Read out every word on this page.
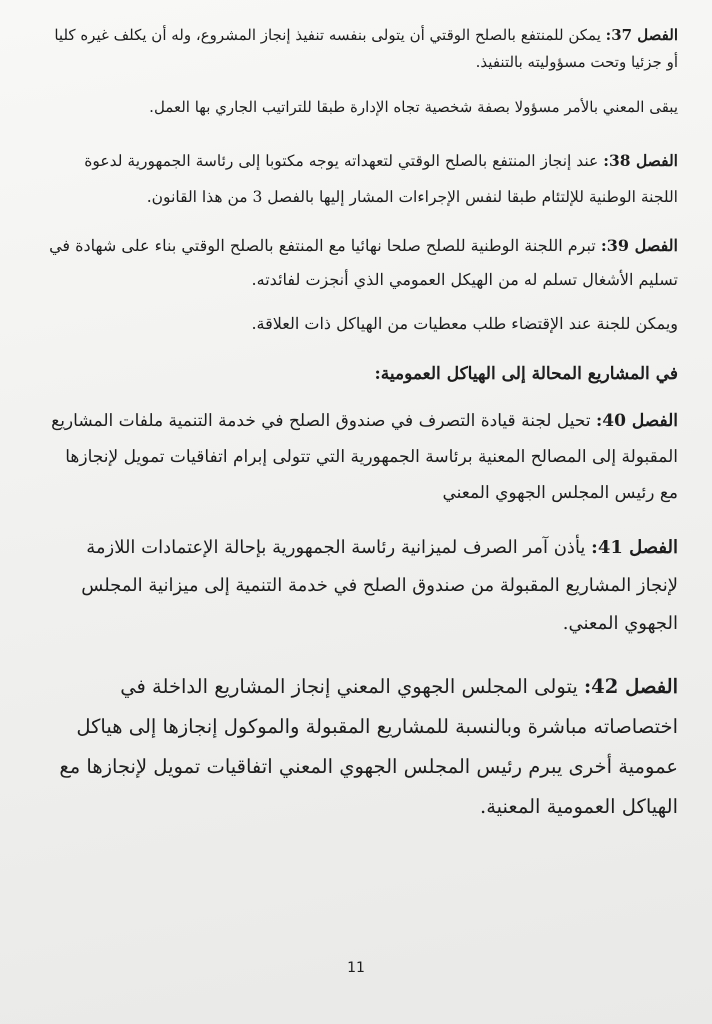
الفصل 37: يمكن للمنتفع بالصلح الوقتي أن يتولى بنفسه تنفيذ إنجاز المشروع، وله أن يكلف غيره كليا أو جزئيا وتحت مسؤوليته بالتنفيذ.

يبقى المعني بالأمر مسؤولا بصفة شخصية تجاه الإدارة طبقا للتراتيب الجاري بها العمل.

الفصل 38: عند إنجاز المنتفع بالصلح الوقتي لتعهداته يوجه مكتوبا إلى رئاسة الجمهورية لدعوة اللجنة الوطنية للإلتئام طبقا لنفس الإجراءات المشار إليها بالفصل 3 من هذا القانون.

الفصل 39: تبرم اللجنة الوطنية للصلح صلحا نهائيا مع المنتفع بالصلح الوقتي بناء على شهادة في تسليم الأشغال تسلم له من الهيكل العمومي الذي أنجزت لفائدته.

ويمكن للجنة عند الإقتضاء طلب معطيات من الهياكل ذات العلاقة.

في المشاريع المحالة إلى الهياكل العمومية:

الفصل 40: تحيل لجنة قيادة التصرف في صندوق الصلح في خدمة التنمية ملفات المشاريع المقبولة إلى المصالح المعنية برئاسة الجمهورية التي تتولى إبرام اتفاقيات تمويل لإنجازها مع رئيس المجلس الجهوي المعني

الفصل 41: يأذن آمر الصرف لميزانية رئاسة الجمهورية بإحالة الإعتمادات اللازمة لإنجاز المشاريع المقبولة من صندوق الصلح في خدمة التنمية إلى ميزانية المجلس الجهوي المعني.

الفصل 42: يتولى المجلس الجهوي المعني إنجاز المشاريع الداخلة في اختصاصاته مباشرة وبالنسبة للمشاريع المقبولة والموكول إنجازها إلى هياكل عمومية أخرى يبرم رئيس المجلس الجهوي المعني اتفاقيات تمويل لإنجازها مع الهياكل العمومية المعنية.

11
